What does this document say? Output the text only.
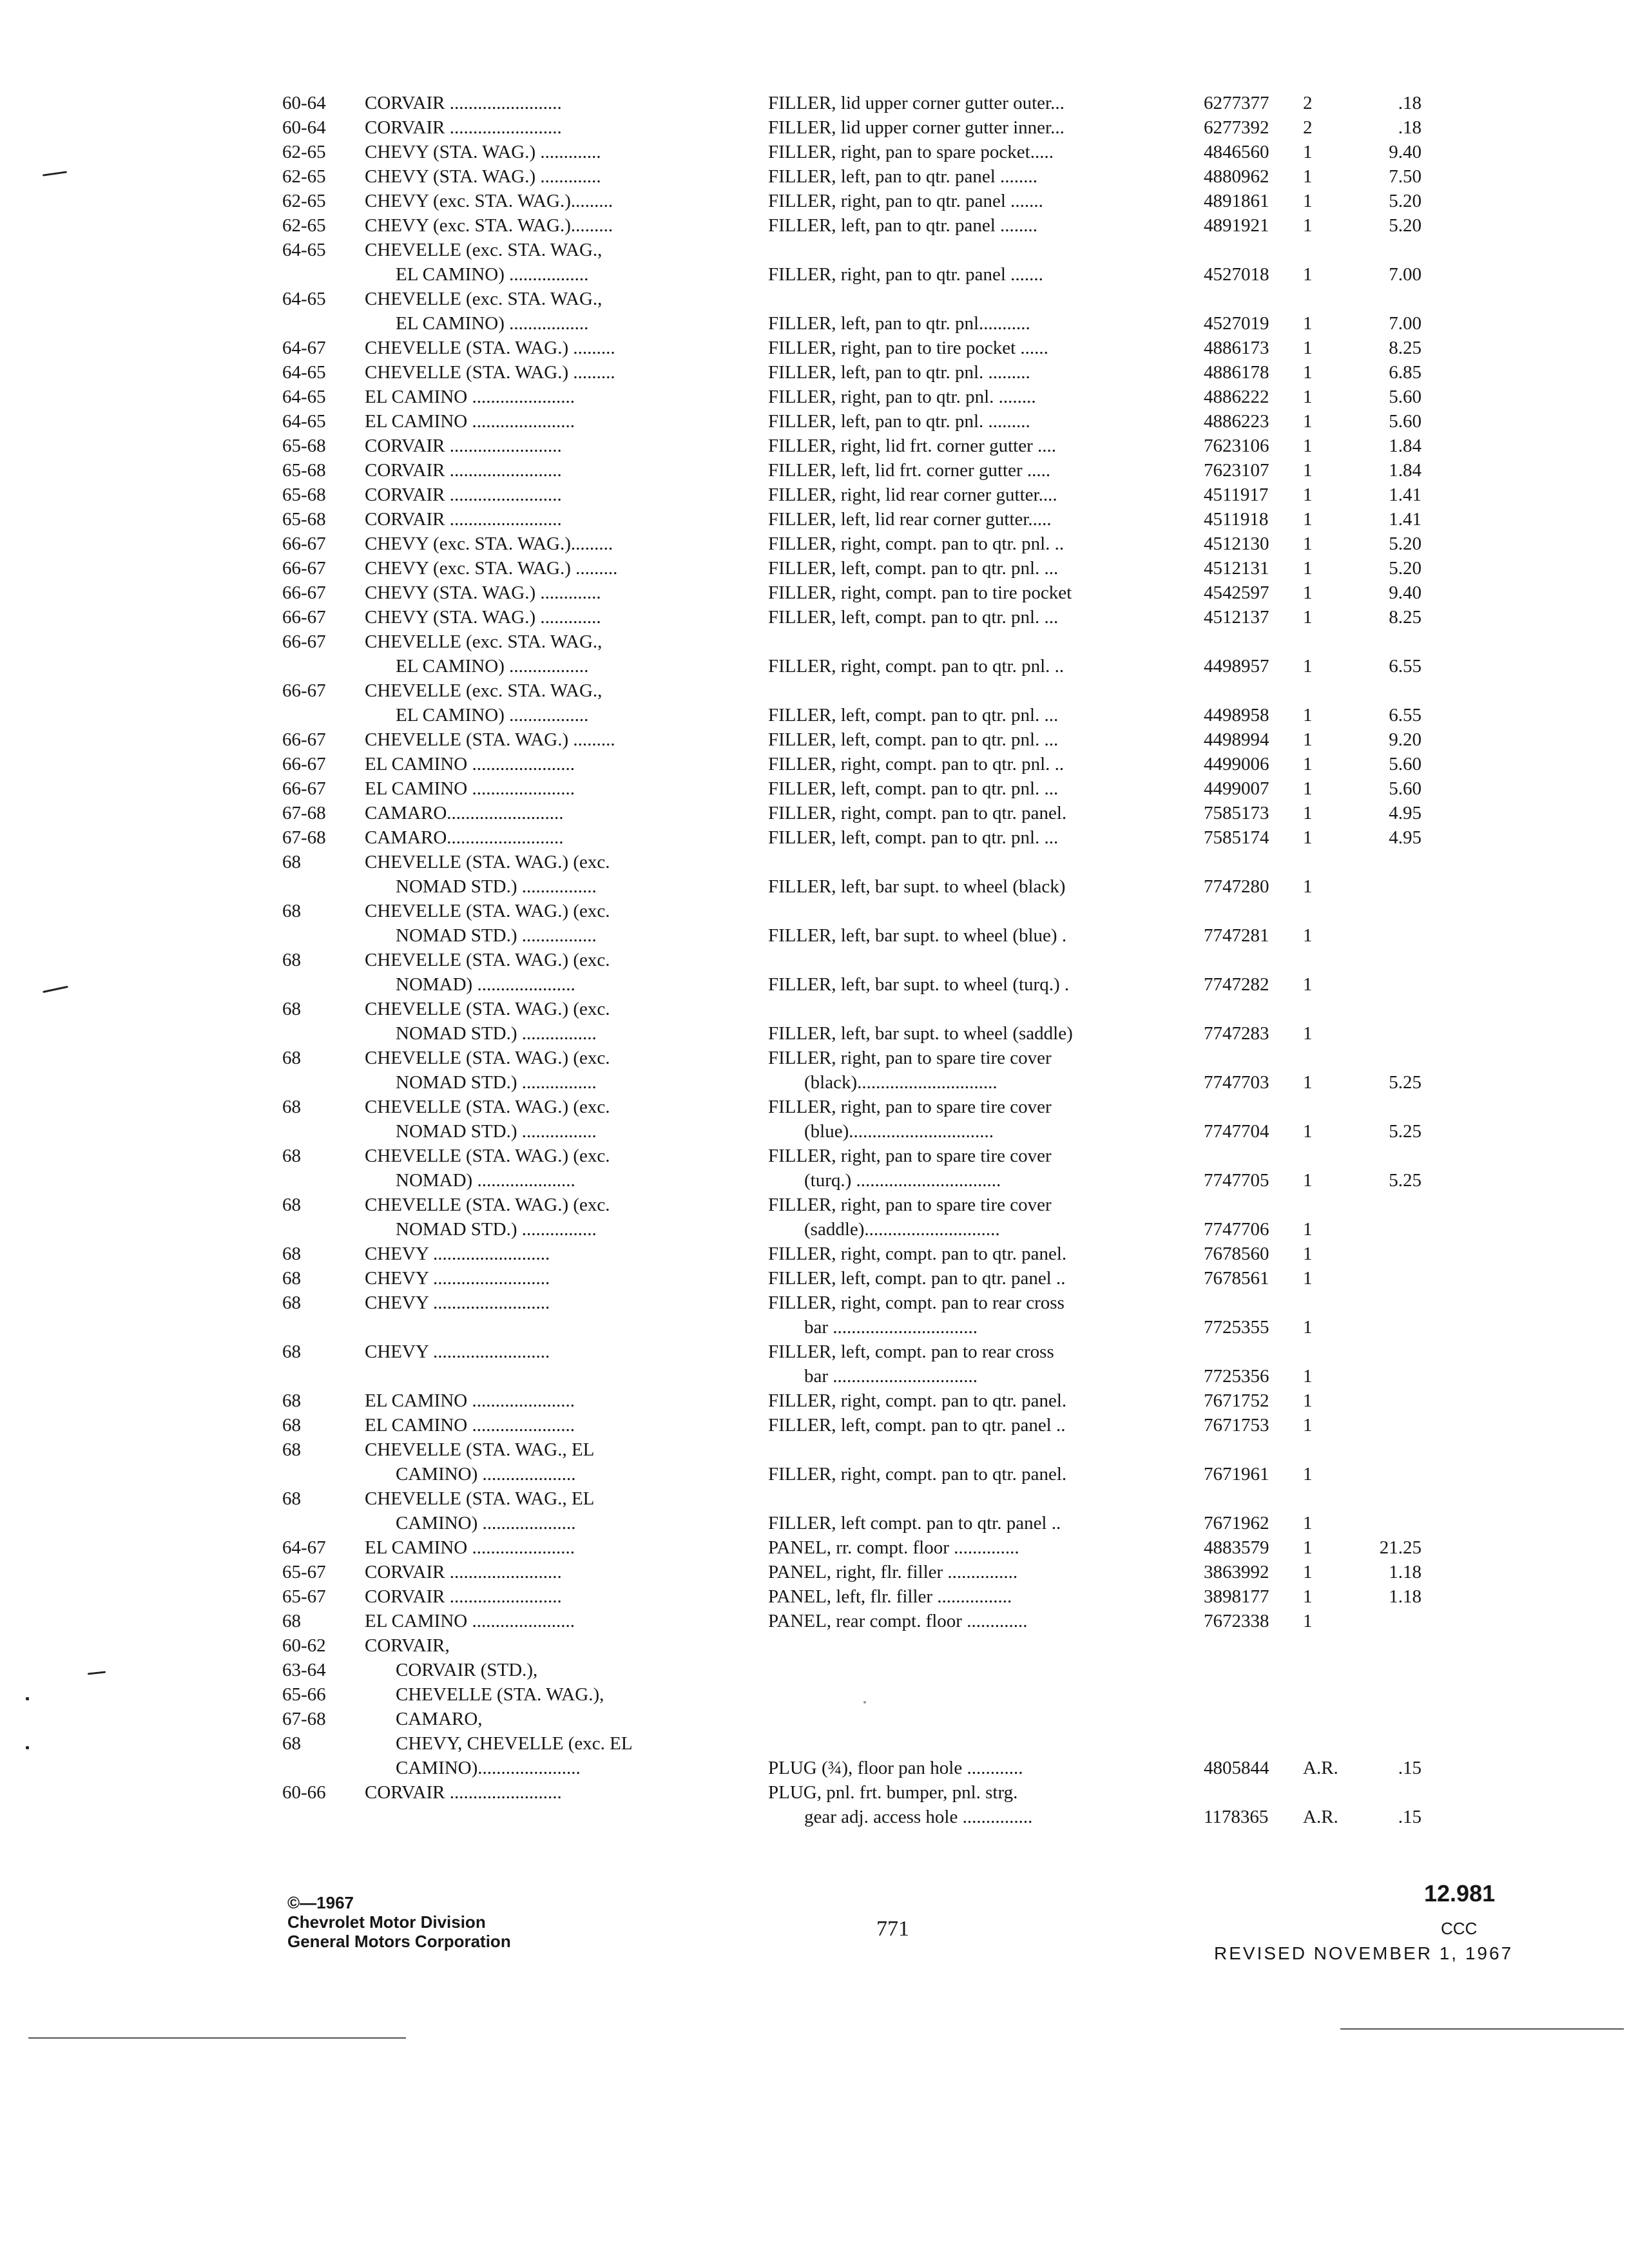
60-64 CORVAIR ........................	FILLER, lid upper corner gutter outer...	6277377 2	.18
60-64 CORVAIR ........................	FILLER, lid upper corner gutter inner...	6277392 2	.18
62-65 CHEVY (STA. WAG.) .............	FILLER, right, pan to spare pocket.....	4846560 1	9.40
62-65 CHEVY (STA. WAG.) .............	FILLER, left, pan to qtr. panel ........	4880962 1	7.50
62-65 CHEVY (exc. STA. WAG.).........	FILLER, right, pan to qtr. panel .......	4891861 1	5.20
62-65 CHEVY (exc. STA. WAG.).........	FILLER, left, pan to qtr. panel ........	4891921 1	5.20
64-65 CHEVELLE (exc. STA. WAG.,
EL CAMINO) .................	FILLER, right, pan to qtr. panel .......	4527018 1	7.00
64-65 CHEVELLE (exc. STA. WAG.,
EL CAMINO) .................	FILLER, left, pan to qtr. pnl...........	4527019 1	7.00
64-67 CHEVELLE (STA. WAG.) .........	FILLER, right, pan to tire pocket ......	4886173 1	8.25
64-65 CHEVELLE (STA. WAG.) .........	FILLER, left, pan to qtr. pnl. .........	4886178 1	6.85
64-65 EL CAMINO ......................	FILLER, right, pan to qtr. pnl. ........	4886222 1	5.60
64-65 EL CAMINO ......................	FILLER, left, pan to qtr. pnl. .........	4886223 1	5.60
65-68 CORVAIR ........................	FILLER, right, lid frt. corner gutter ....	7623106 1	1.84
65-68 CORVAIR ........................	FILLER, left, lid frt. corner gutter .....	7623107 1	1.84
65-68 CORVAIR ........................	FILLER, right, lid rear corner gutter....	4511917 1	1.41
65-68 CORVAIR ........................	FILLER, left, lid rear corner gutter.....	4511918 1	1.41
66-67 CHEVY (exc. STA. WAG.).........	FILLER, right, compt. pan to qtr. pnl. ..	4512130 1	5.20
66-67 CHEVY (exc. STA. WAG.) .........	FILLER, left, compt. pan to qtr. pnl. ...	4512131 1	5.20
66-67 CHEVY (STA. WAG.) .............	FILLER, right, compt. pan to tire pocket	4542597 1	9.40
66-67 CHEVY (STA. WAG.) .............	FILLER, left, compt. pan to qtr. pnl. ...	4512137 1	8.25
66-67 CHEVELLE (exc. STA. WAG.,
EL CAMINO) .................	FILLER, right, compt. pan to qtr. pnl. ..	4498957 1	6.55
66-67 CHEVELLE (exc. STA. WAG.,
EL CAMINO) .................	FILLER, left, compt. pan to qtr. pnl. ...	4498958 1	6.55
66-67 CHEVELLE (STA. WAG.) .........	FILLER, left, compt. pan to qtr. pnl. ...	4498994 1	9.20
66-67 EL CAMINO ......................	FILLER, right, compt. pan to qtr. pnl. ..	4499006 1	5.60
66-67 EL CAMINO ......................	FILLER, left, compt. pan to qtr. pnl. ...	4499007 1	5.60
67-68 CAMARO.........................	FILLER, right, compt. pan to qtr. panel.	7585173 1	4.95
67-68 CAMARO.........................	FILLER, left, compt. pan to qtr. pnl. ...	7585174 1	4.95
68	CHEVELLE (STA. WAG.) (exc.
NOMAD STD.) ................	FILLER, left, bar supt. to wheel (black)	7747280 1
68	CHEVELLE (STA. WAG.) (exc.
NOMAD STD.) ................	FILLER, left, bar supt. to wheel (blue) .	7747281 1
68	CHEVELLE (STA. WAG.) (exc.
NOMAD) .....................	FILLER, left, bar supt. to wheel (turq.) .	7747282 1
68	CHEVELLE (STA. WAG.) (exc.
NOMAD STD.) ................	FILLER, left, bar supt. to wheel (saddle)	7747283 1
68	CHEVELLE (STA. WAG.) (exc.	FILLER, right, pan to spare tire cover
NOMAD STD.) ................	(black)..............................	7747703 1	5.25
68	CHEVELLE (STA. WAG.) (exc.	FILLER, right, pan to spare tire cover
NOMAD STD.) ................	(blue)...............................	7747704 1	5.25
68	CHEVELLE (STA. WAG.) (exc.	FILLER, right, pan to spare tire cover
NOMAD) .....................	(turq.) ...............................	7747705 1	5.25
68	CHEVELLE (STA. WAG.) (exc.	FILLER, right, pan to spare tire cover
NOMAD STD.) ................	(saddle).............................	7747706 1
68	CHEVY .........................	FILLER, right, compt. pan to qtr. panel.	7678560 1
68	CHEVY .........................	FILLER, left, compt. pan to qtr. panel ..	7678561 1
68	CHEVY .........................	FILLER, right, compt. pan to rear cross
bar ...............................	7725355 1
68	CHEVY .........................	FILLER, left, compt. pan to rear cross
bar ...............................	7725356 1
68	EL CAMINO ......................	FILLER, right, compt. pan to qtr. panel.	7671752 1
68	EL CAMINO ......................	FILLER, left, compt. pan to qtr. panel ..	7671753 1
68	CHEVELLE (STA. WAG., EL
CAMINO) ....................	FILLER, right, compt. pan to qtr. panel.	7671961 1
68	CHEVELLE (STA. WAG., EL
CAMINO) ....................	FILLER, left compt. pan to qtr. panel ..	7671962 1
64-67 EL CAMINO ......................	PANEL, rr. compt. floor ..............	4883579 1	21.25
65-67 CORVAIR ........................	PANEL, right, flr. filler ...............	3863992 1	1.18
65-67 CORVAIR ........................	PANEL, left, flr. filler ................	3898177 1	1.18
68	EL CAMINO ......................	PANEL, rear compt. floor .............	7672338 1
60-62 CORVAIR,
63-64	CORVAIR (STD.),
65-66	CHEVELLE (STA. WAG.),
67-68	CAMARO,
68	CHEVY, CHEVELLE (exc. EL
CAMINO)......................	PLUG (¾), floor pan hole ............	4805844 A.R.	.15
60-66 CORVAIR ........................	PLUG, pnl. frt. bumper, pnl. strg.
gear adj. access hole ...............	1178365 A.R.	.15
©—1967
Chevrolet Motor Division
General Motors Corporation
771
12.981
CCC
REVISED NOVEMBER 1, 1967
